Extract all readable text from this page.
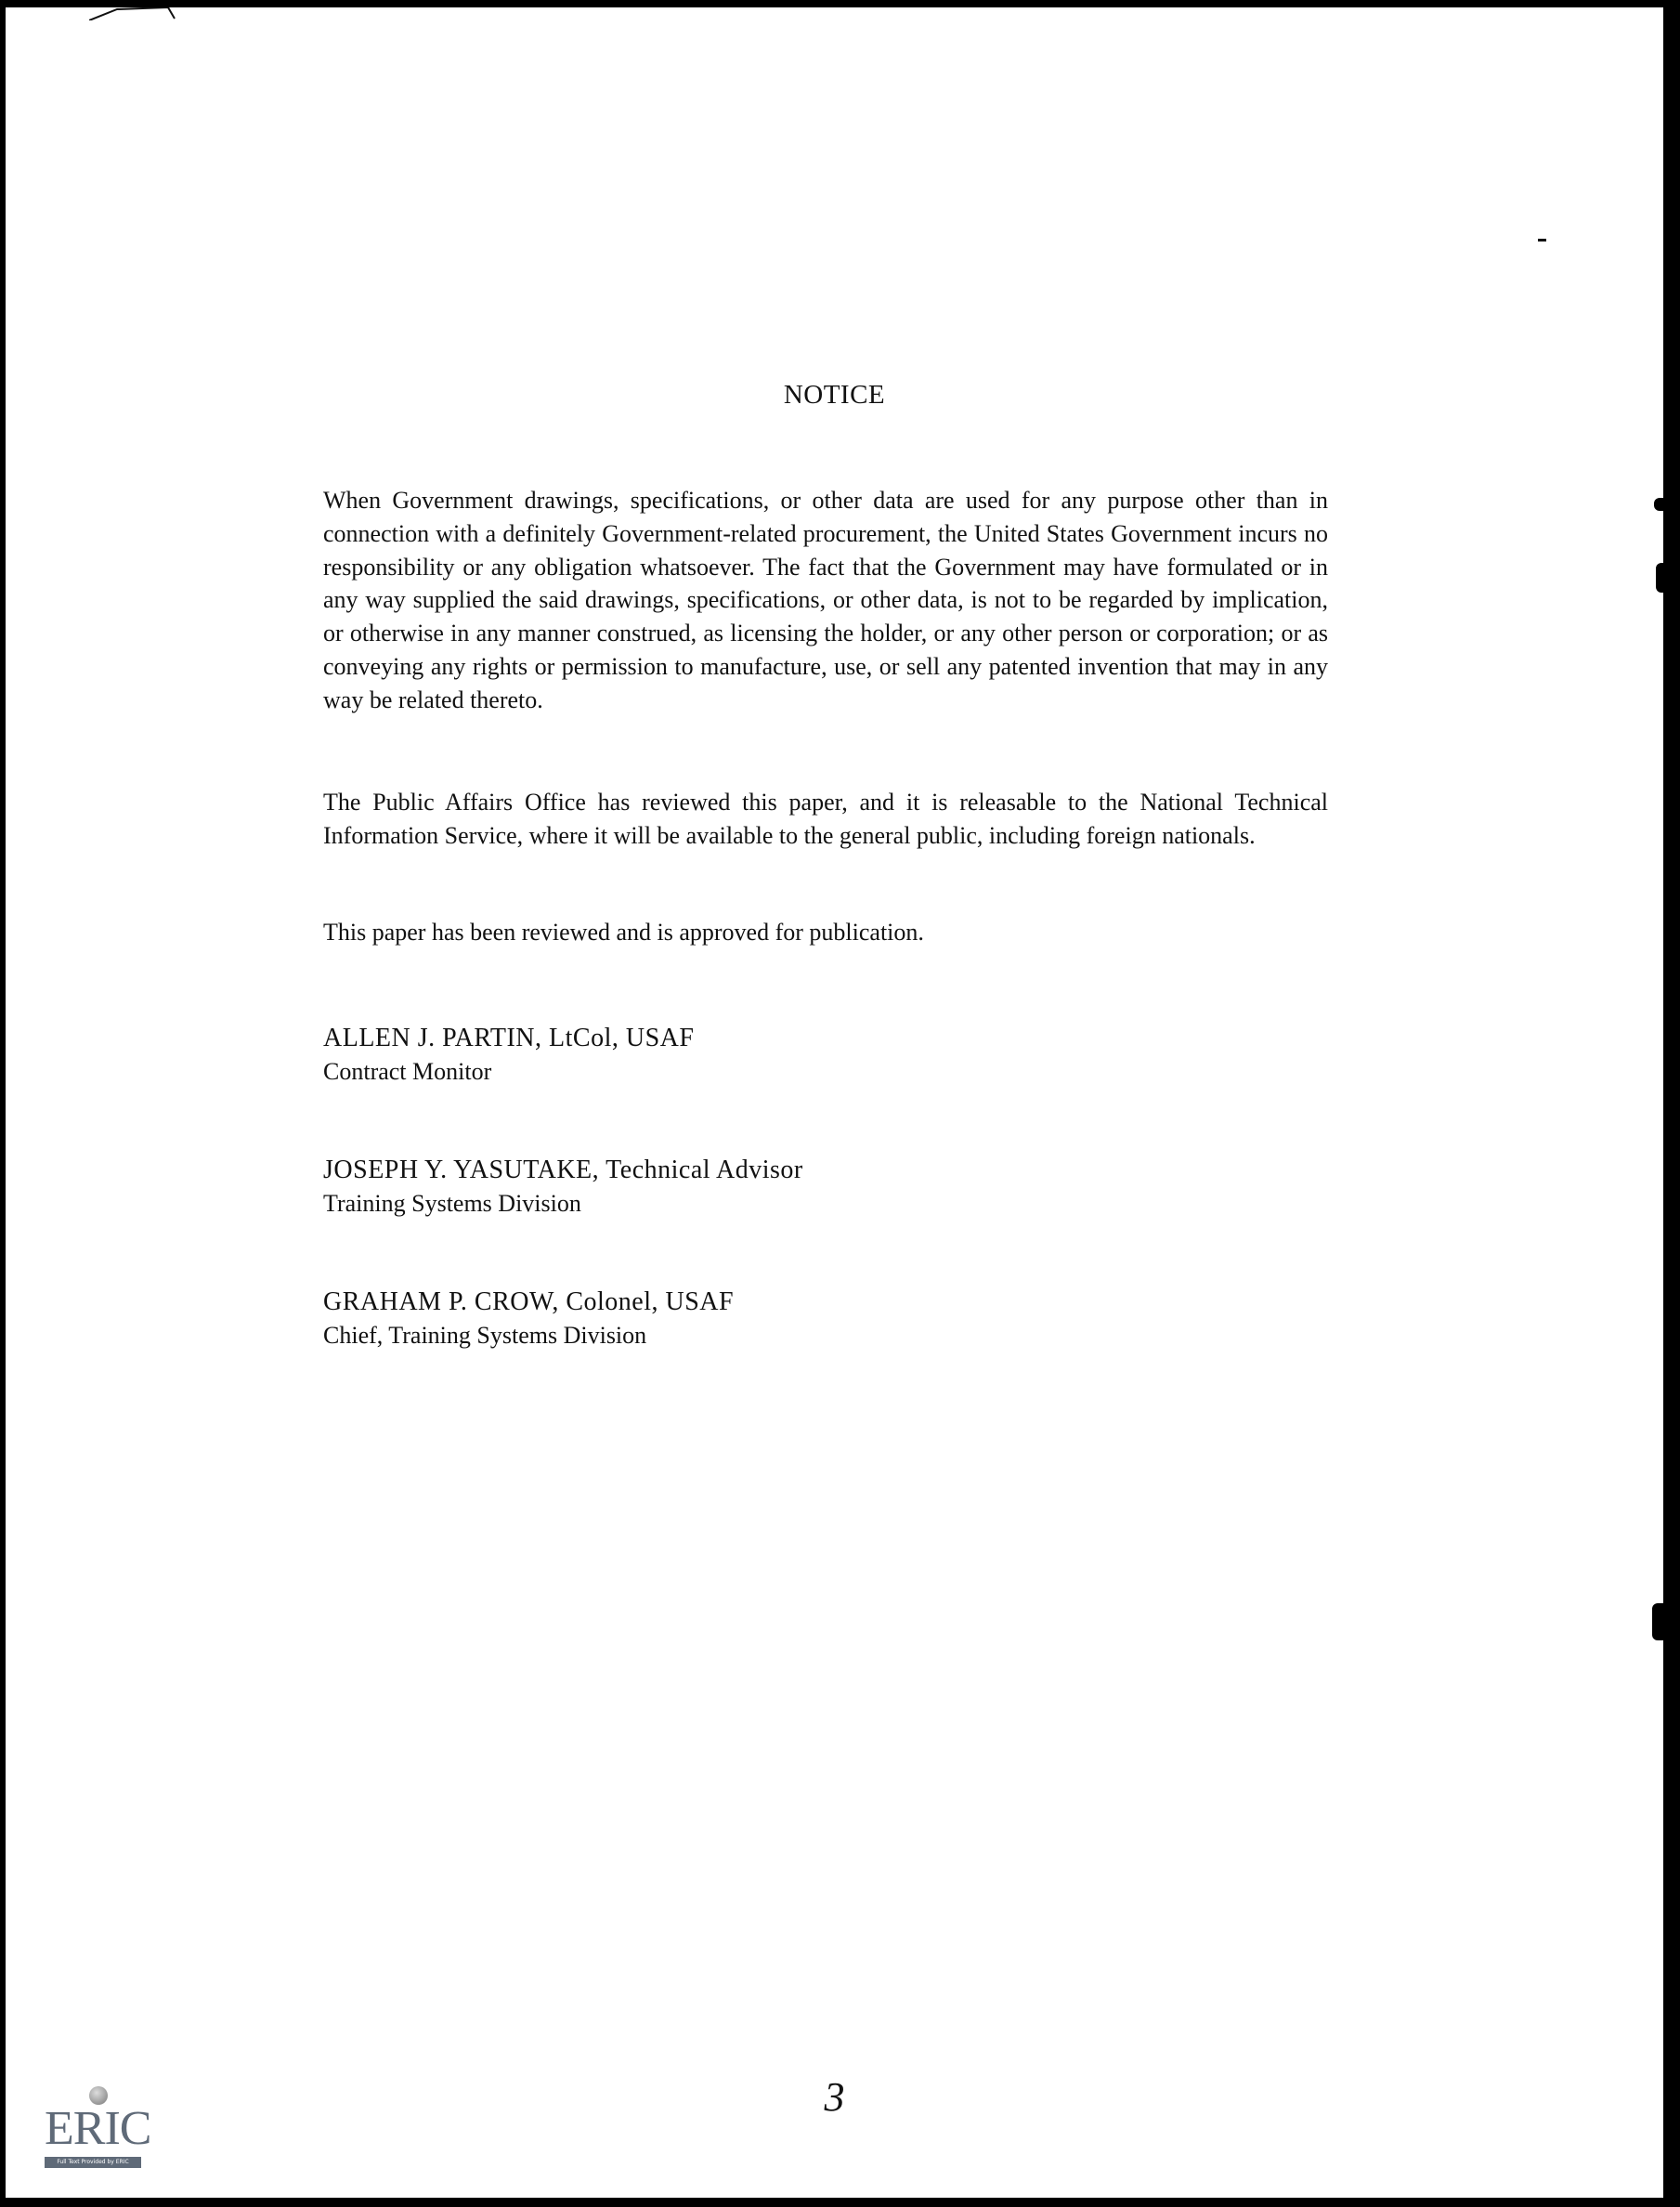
NOTICE

When Government drawings, specifications, or other data are used for any purpose other than in connection with a definitely Government-related procurement, the United States Government incurs no responsibility or any obligation whatsoever. The fact that the Government may have formulated or in any way supplied the said drawings, specifications, or other data, is not to be regarded by implication, or otherwise in any manner construed, as licensing the holder, or any other person or corporation; or as conveying any rights or permission to manufacture, use, or sell any patented invention that may in any way be related thereto.

The Public Affairs Office has reviewed this paper, and it is releasable to the National Technical Information Service, where it will be available to the general public, including foreign nationals.

This paper has been reviewed and is approved for publication.

ALLEN J. PARTIN, LtCol, USAF
Contract Monitor
JOSEPH Y. YASUTAKE, Technical Advisor
Training Systems Division
GRAHAM P. CROW, Colonel, USAF
Chief, Training Systems Division
3
ERIC
Full Text Provided by ERIC
